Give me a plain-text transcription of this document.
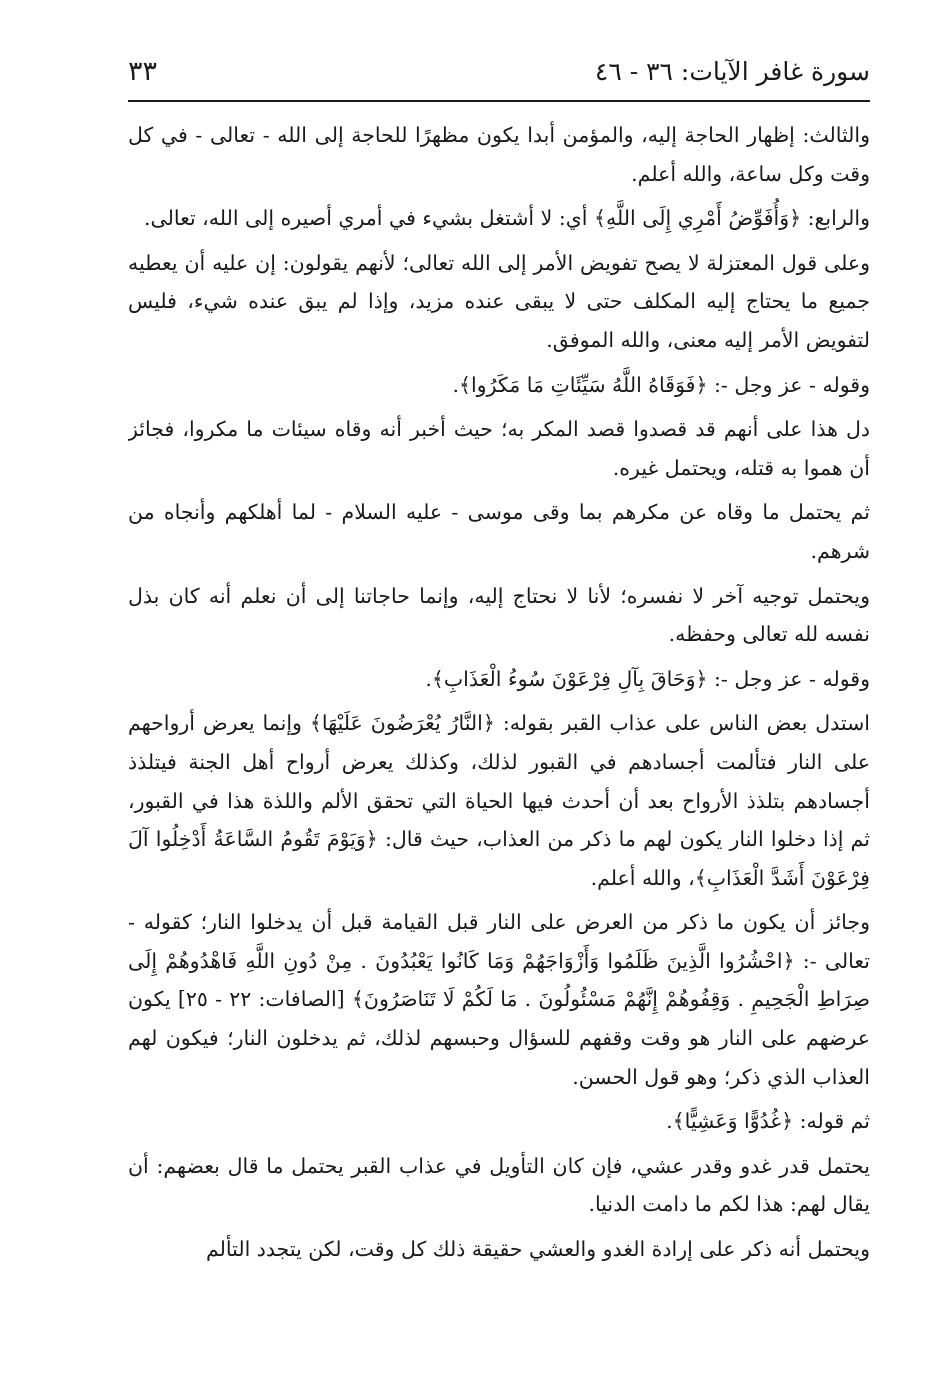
سورة غافر الآيات: ٣٦ - ٤٦
٣٣

والثالث: إظهار الحاجة إليه، والمؤمن أبدا يكون مظهرًا للحاجة إلى الله - تعالى - في كل وقت وكل ساعة، والله أعلم.

والرابع: ﴿وَأُفَوِّضُ أَمْرِي إِلَى اللَّهِ﴾ أي: لا أشتغل بشيء في أمري أصيره إلى الله، تعالى.

وعلى قول المعتزلة لا يصح تفويض الأمر إلى الله تعالى؛ لأنهم يقولون: إن عليه أن يعطيه جميع ما يحتاج إليه المكلف حتى لا يبقى عنده مزيد، وإذا لم يبق عنده شيء، فليس لتفويض الأمر إليه معنى، والله الموفق.

وقوله - عز وجل -: ﴿فَوَقَاهُ اللَّهُ سَيِّئَاتِ مَا مَكَرُوا﴾.

دل هذا على أنهم قد قصدوا قصد المكر به؛ حيث أخبر أنه وقاه سيئات ما مكروا، فجائز أن هموا به قتله، ويحتمل غيره.

ثم يحتمل ما وقاه عن مكرهم بما وقى موسى - عليه السلام - لما أهلكهم وأنجاه من شرهم.

ويحتمل توجيه آخر لا نفسره؛ لأنا لا نحتاج إليه، وإنما حاجاتنا إلى أن نعلم أنه كان بذل نفسه لله تعالى وحفظه.

وقوله - عز وجل -: ﴿وَحَاقَ بِآلِ فِرْعَوْنَ سُوءُ الْعَذَابِ﴾.

استدل بعض الناس على عذاب القبر بقوله: ﴿النَّارُ يُعْرَضُونَ عَلَيْهَا﴾ وإنما يعرض أرواحهم على النار فتألمت أجسادهم في القبور لذلك، وكذلك يعرض أرواح أهل الجنة فيتلذذ أجسادهم بتلذذ الأرواح بعد أن أحدث فيها الحياة التي تحقق الألم واللذة هذا في القبور، ثم إذا دخلوا النار يكون لهم ما ذكر من العذاب، حيث قال: ﴿وَيَوْمَ تَقُومُ السَّاعَةُ أَدْخِلُوا آلَ فِرْعَوْنَ أَشَدَّ الْعَذَابِ﴾، والله أعلم.

وجائز أن يكون ما ذكر من العرض على النار قبل القيامة قبل أن يدخلوا النار؛ كقوله - تعالى -: ﴿احْشُرُوا الَّذِينَ ظَلَمُوا وَأَزْوَاجَهُمْ وَمَا كَانُوا يَعْبُدُونَ . مِنْ دُونِ اللَّهِ فَاهْدُوهُمْ إِلَى صِرَاطِ الْجَحِيمِ . وَقِفُوهُمْ إِنَّهُمْ مَسْئُولُونَ . مَا لَكُمْ لَا تَنَاصَرُونَ﴾ [الصافات: ٢٢ - ٢٥] يكون عرضهم على النار هو وقت وقفهم للسؤال وحبسهم لذلك، ثم يدخلون النار؛ فيكون لهم العذاب الذي ذكر؛ وهو قول الحسن.

ثم قوله: ﴿غُدُوًّا وَعَشِيًّا﴾.

يحتمل قدر غدو وقدر عشي، فإن كان التأويل في عذاب القبر يحتمل ما قال بعضهم: أن يقال لهم: هذا لكم ما دامت الدنيا.

ويحتمل أنه ذكر على إرادة الغدو والعشي حقيقة ذلك كل وقت، لكن يتجدد التألم
